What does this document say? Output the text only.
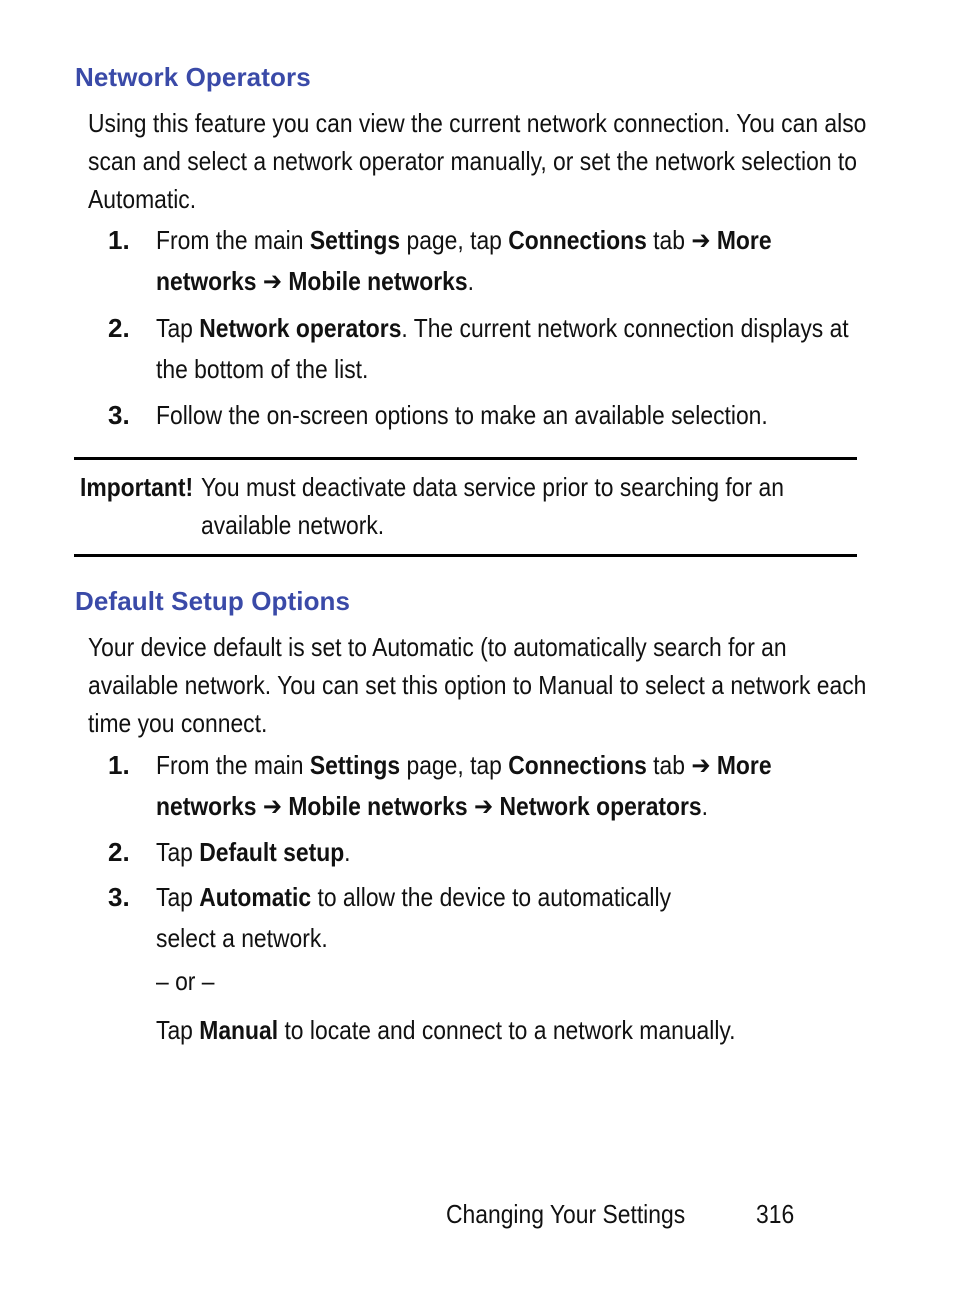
Network Operators

Using this feature you can view the current network connection. You can also scan and select a network operator manually, or set the network selection to Automatic.

1. From the main Settings page, tap Connections tab ➔ More networks ➔ Mobile networks.
2. Tap Network operators. The current network connection displays at the bottom of the list.
3. Follow the on-screen options to make an available selection.
Important! You must deactivate data service prior to searching for an available network.
Default Setup Options

Your device default is set to Automatic (to automatically search for an available network. You can set this option to Manual to select a network each time you connect.

1. From the main Settings page, tap Connections tab ➔ More networks ➔ Mobile networks ➔ Network operators.
2. Tap Default setup.
3. Tap Automatic to allow the device to automatically select a network.
– or –
Tap Manual to locate and connect to a network manually.
Changing Your Settings	316
